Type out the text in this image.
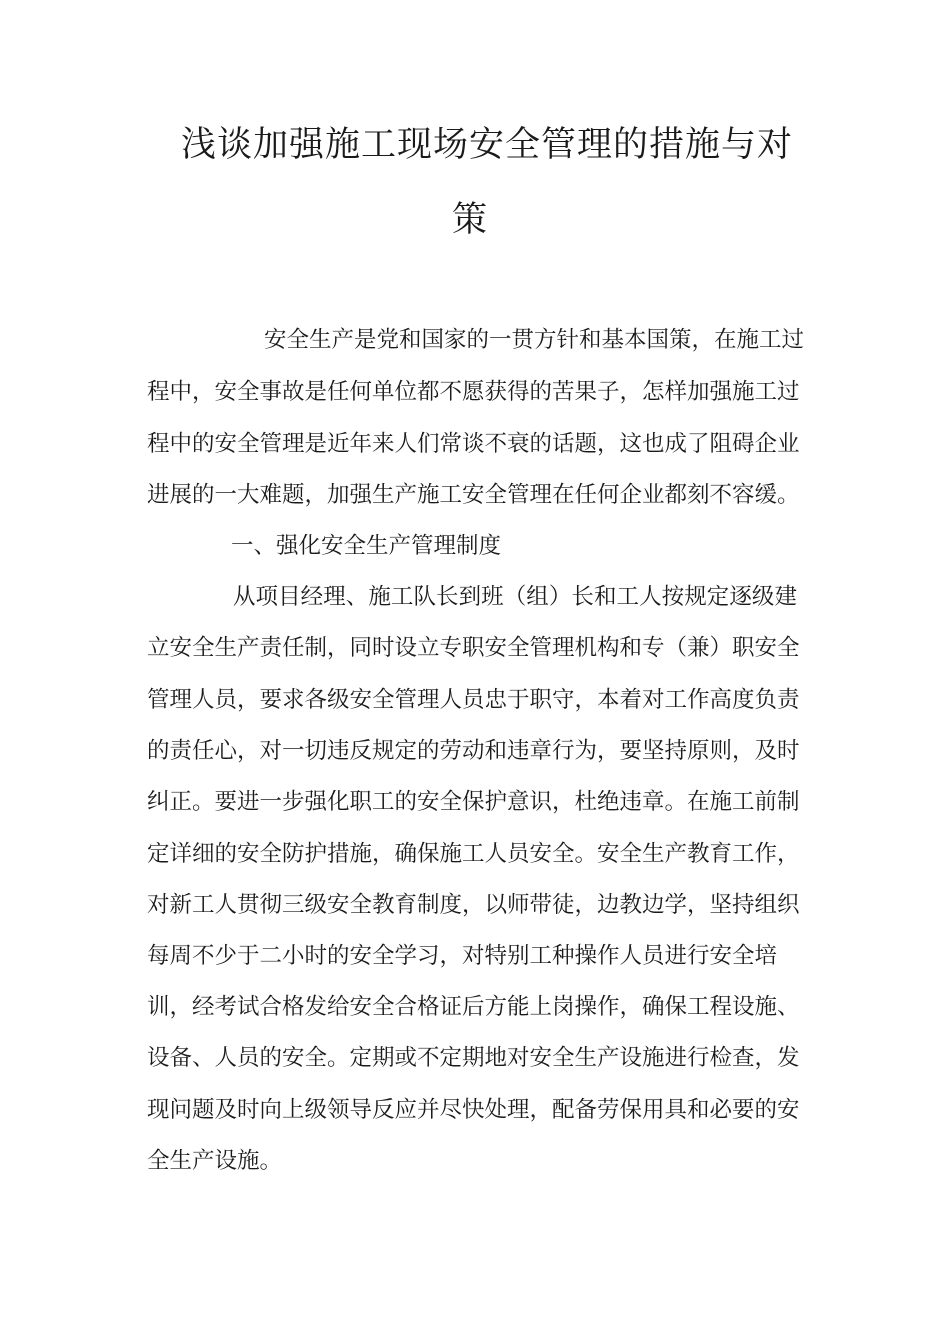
浅谈加强施工现场安全管理的措施与对
策
安全生产是党和国家的一贯方针和基本国策，在施工过
程中，安全事故是任何单位都不愿获得的苦果子，怎样加强施工过
程中的安全管理是近年来人们常谈不衰的话题，这也成了阻碍企业
进展的一大难题，加强生产施工安全管理在任何企业都刻不容缓。
一、强化安全生产管理制度
从项目经理、施工队长到班（组）长和工人按规定逐级建
立安全生产责任制，同时设立专职安全管理机构和专（兼）职安全
管理人员，要求各级安全管理人员忠于职守，本着对工作高度负责
的责任心，对一切违反规定的劳动和违章行为，要坚持原则，及时
纠正。要进一步强化职工的安全保护意识，杜绝违章。在施工前制
定详细的安全防护措施，确保施工人员安全。安全生产教育工作，
对新工人贯彻三级安全教育制度，以师带徒，边教边学，坚持组织
每周不少于二小时的安全学习，对特别工种操作人员进行安全培
训，经考试合格发给安全合格证后方能上岗操作，确保工程设施、
设备、人员的安全。定期或不定期地对安全生产设施进行检查，发
现问题及时向上级领导反应并尽快处理，配备劳保用具和必要的安
全生产设施。
